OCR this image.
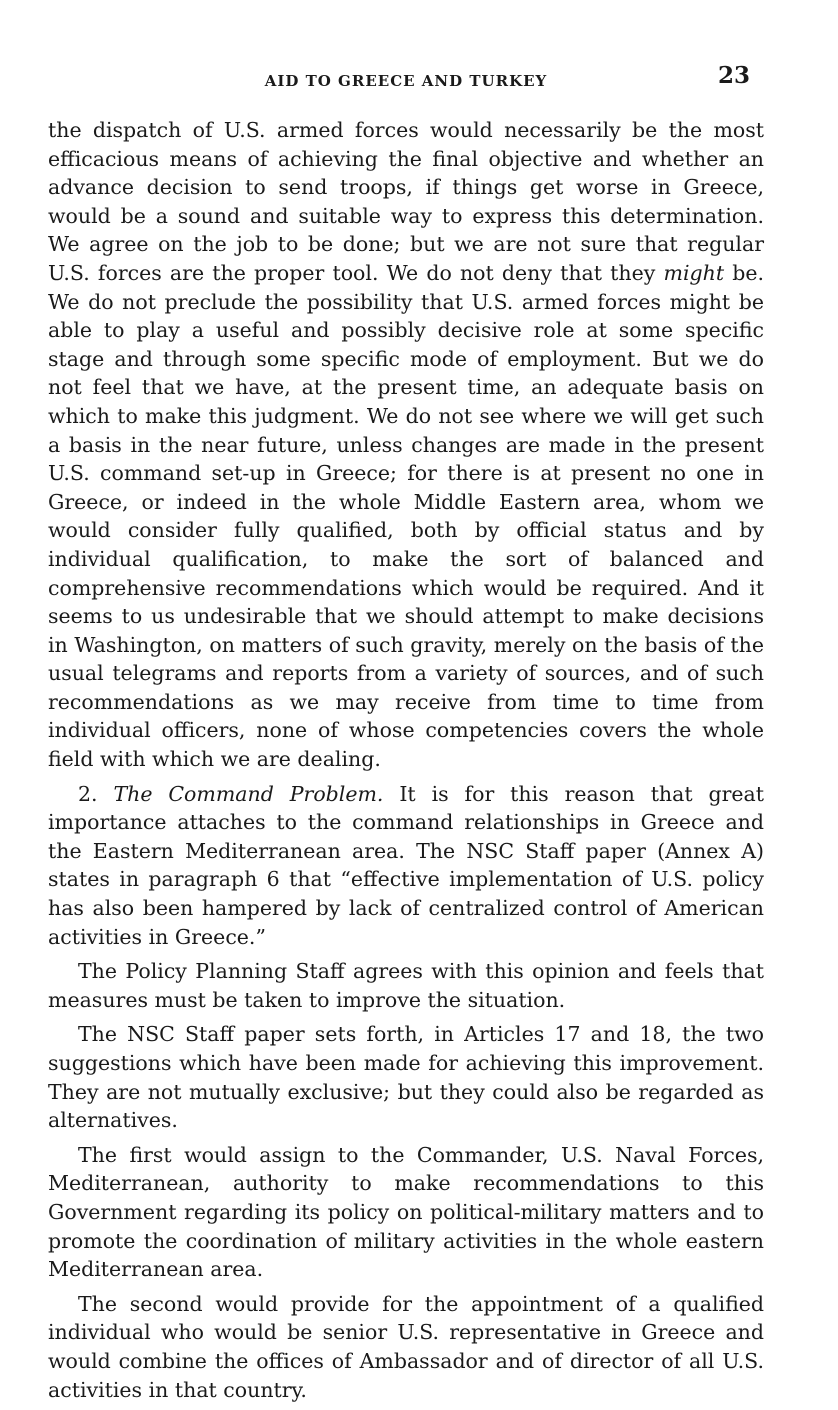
AID TO GREECE AND TURKEY	23

the dispatch of U.S. armed forces would necessarily be the most efficacious means of achieving the final objective and whether an advance decision to send troops, if things get worse in Greece, would be a sound and suitable way to express this determination. We agree on the job to be done; but we are not sure that regular U.S. forces are the proper tool. We do not deny that they might be. We do not preclude the possibility that U.S. armed forces might be able to play a useful and possibly decisive role at some specific stage and through some specific mode of employment. But we do not feel that we have, at the present time, an adequate basis on which to make this judgment. We do not see where we will get such a basis in the near future, unless changes are made in the present U.S. command set-up in Greece; for there is at present no one in Greece, or indeed in the whole Middle Eastern area, whom we would consider fully qualified, both by official status and by individual qualification, to make the sort of balanced and comprehensive recommendations which would be required. And it seems to us undesirable that we should attempt to make decisions in Washington, on matters of such gravity, merely on the basis of the usual telegrams and reports from a variety of sources, and of such recommendations as we may receive from time to time from individual officers, none of whose competencies covers the whole field with which we are dealing.

2. The Command Problem. It is for this reason that great importance attaches to the command relationships in Greece and the Eastern Mediterranean area. The NSC Staff paper (Annex A) states in paragraph 6 that “effective implementation of U.S. policy has also been hampered by lack of centralized control of American activities in Greece.”

The Policy Planning Staff agrees with this opinion and feels that measures must be taken to improve the situation.

The NSC Staff paper sets forth, in Articles 17 and 18, the two suggestions which have been made for achieving this improvement. They are not mutually exclusive; but they could also be regarded as alternatives.

The first would assign to the Commander, U.S. Naval Forces, Mediterranean, authority to make recommendations to this Government regarding its policy on political-military matters and to promote the coordination of military activities in the whole eastern Mediterranean area.

The second would provide for the appointment of a qualified individual who would be senior U.S. representative in Greece and would combine the offices of Ambassador and of director of all U.S. activities in that country.
